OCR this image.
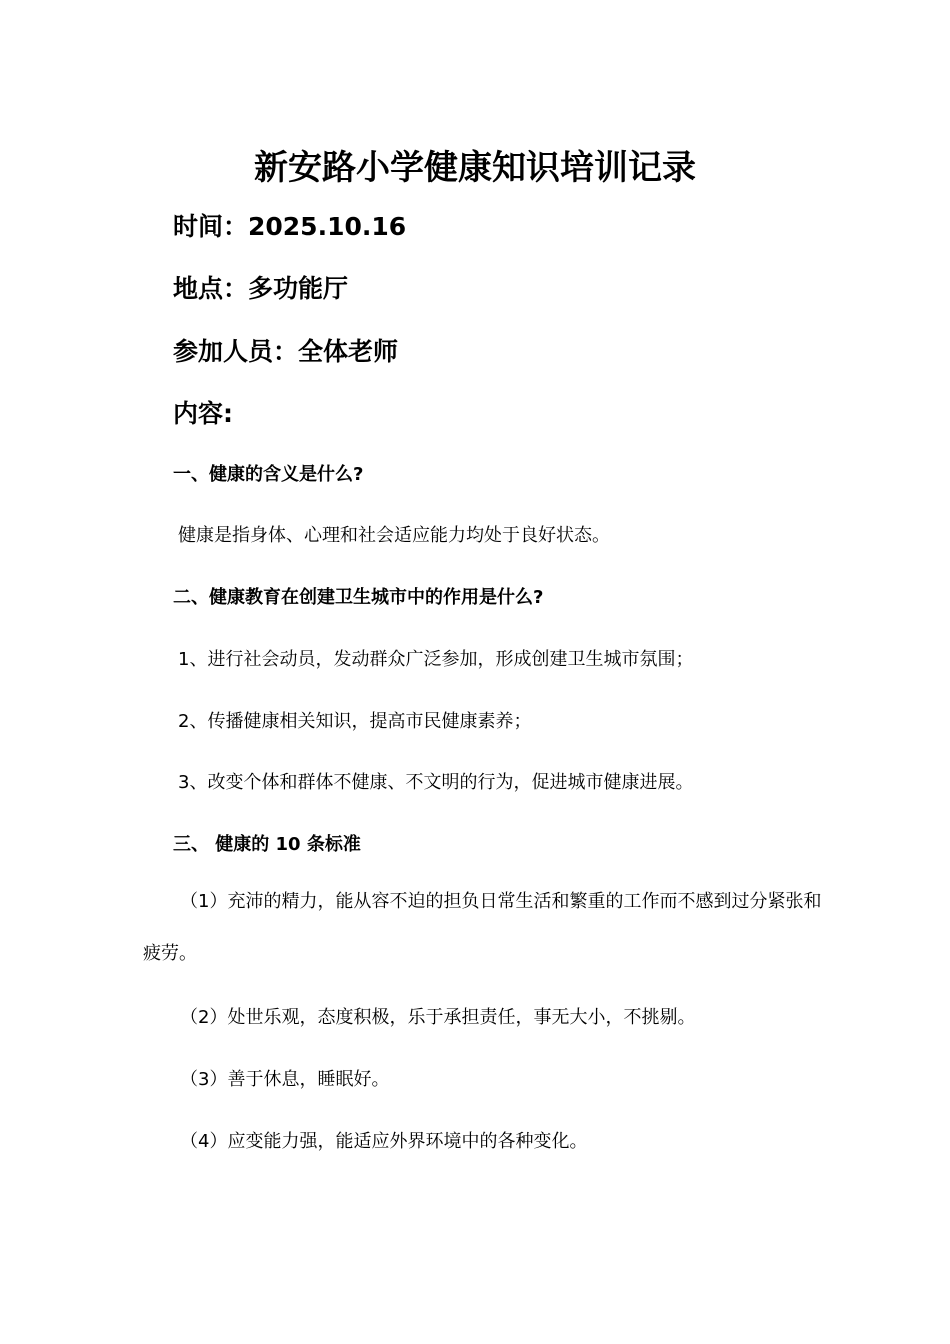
新安路小学健康知识培训记录
时间：2025.10.16
地点：多功能厅
参加人员：全体老师
内容:
一、健康的含义是什么?
健康是指身体、心理和社会适应能力均处于良好状态。
二、健康教育在创建卫生城市中的作用是什么?
1、进行社会动员，发动群众广泛参加，形成创建卫生城市氛围；
2、传播健康相关知识，提高市民健康素养；
3、改变个体和群体不健康、不文明的行为，促进城市健康进展。
三、 健康的 10 条标准
（1）充沛的精力，能从容不迫的担负日常生活和繁重的工作而不感到过分紧张和疲劳。
（2）处世乐观，态度积极，乐于承担责任，事无大小，不挑剔。
（3）善于休息，睡眠好。
（4）应变能力强，能适应外界环境中的各种变化。
